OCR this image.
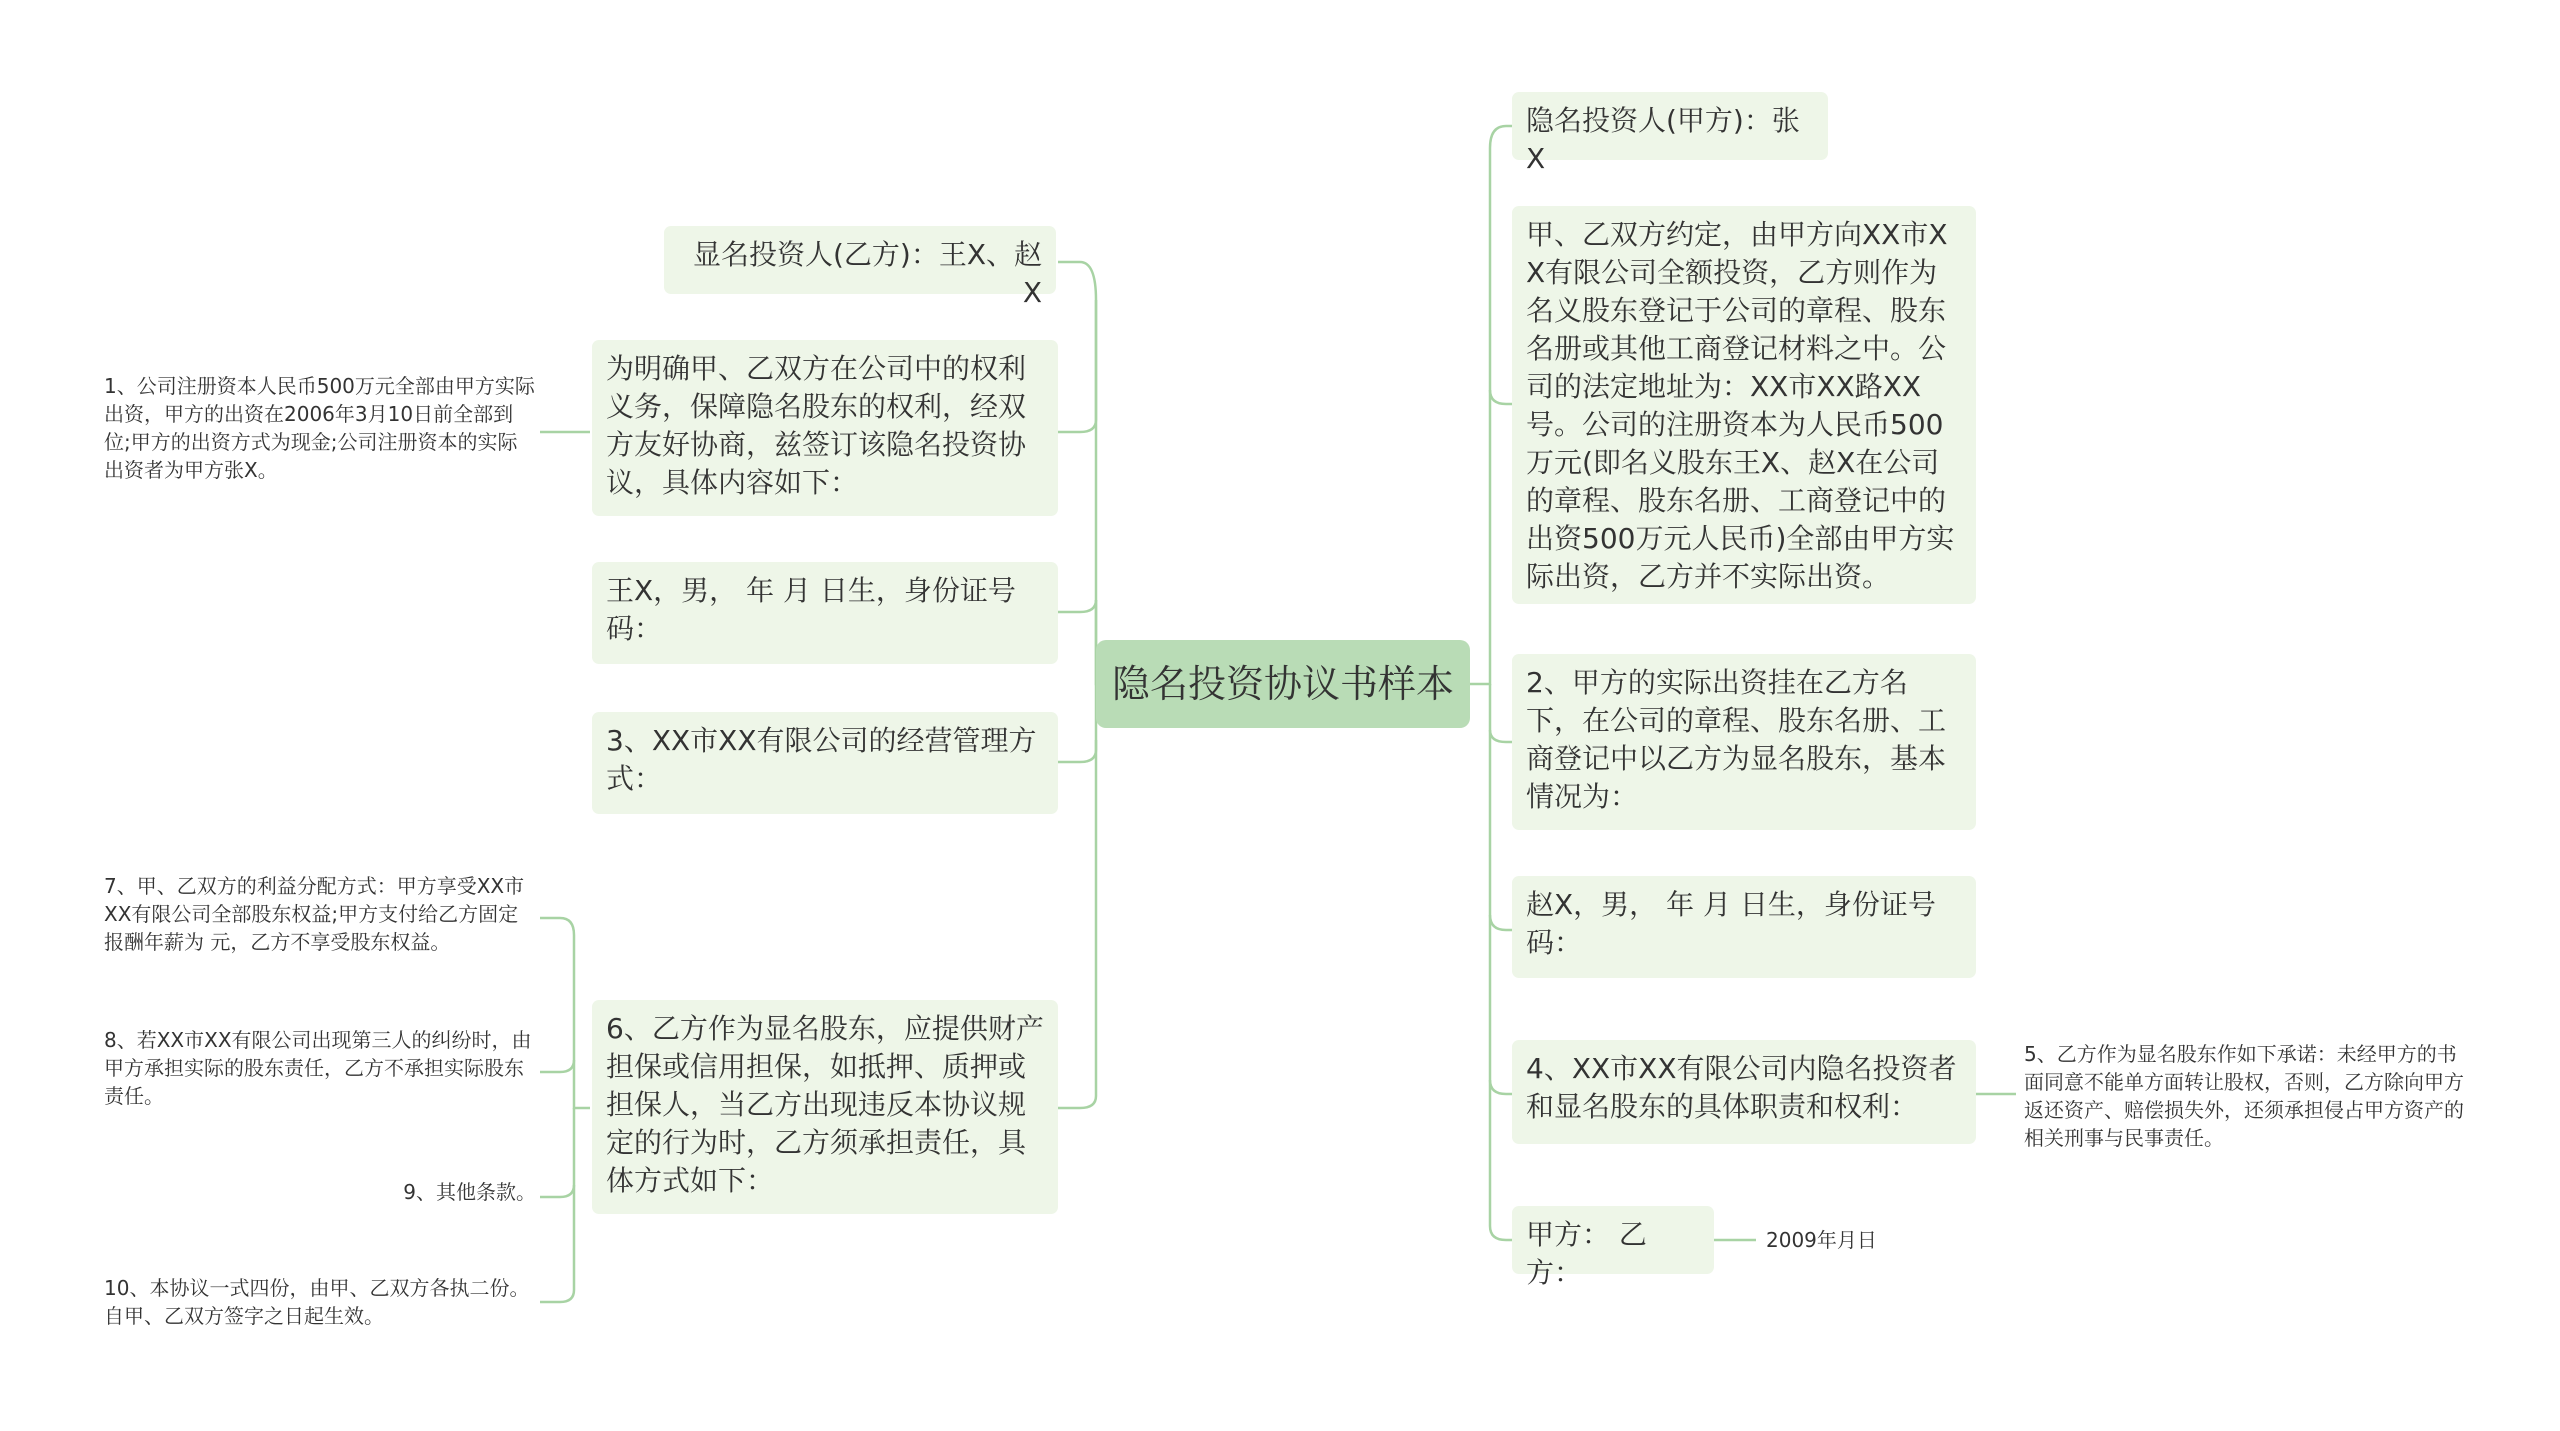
隐名投资协议书样本
显名投资人(乙方)：王X、赵X
为明确甲、乙双方在公司中的权利义务，保障隐名股东的权利，经双方友好协商，兹签订该隐名投资协议，具体内容如下：
王X，男， 年 月 日生，身份证号码：
3、XX市XX有限公司的经营管理方式：
6、乙方作为显名股东，应提供财产担保或信用担保，如抵押、质押或担保人，当乙方出现违反本协议规定的行为时，乙方须承担责任，具体方式如下：
1、公司注册资本人民币500万元全部由甲方实际出资，甲方的出资在2006年3月10日前全部到位;甲方的出资方式为现金;公司注册资本的实际出资者为甲方张X。
7、甲、乙双方的利益分配方式：甲方享受XX市XX有限公司全部股东权益;甲方支付给乙方固定报酬年薪为 元，乙方不享受股东权益。
8、若XX市XX有限公司出现第三人的纠纷时，由甲方承担实际的股东责任，乙方不承担实际股东责任。
9、其他条款。
10、本协议一式四份，由甲、乙双方各执二份。自甲、乙双方签字之日起生效。
隐名投资人(甲方)：张X
甲、乙双方约定，由甲方向XX市XX有限公司全额投资，乙方则作为名义股东登记于公司的章程、股东名册或其他工商登记材料之中。公司的法定地址为：XX市XX路XX号。公司的注册资本为人民币500万元(即名义股东王X、赵X在公司的章程、股东名册、工商登记中的出资500万元人民币)全部由甲方实际出资，乙方并不实际出资。
2、甲方的实际出资挂在乙方名下，在公司的章程、股东名册、工商登记中以乙方为显名股东，基本情况为：
赵X，男， 年 月 日生，身份证号码：
4、XX市XX有限公司内隐名投资者和显名股东的具体职责和权利：
甲方： 乙方：
5、乙方作为显名股东作如下承诺：未经甲方的书面同意不能单方面转让股权，否则，乙方除向甲方返还资产、赔偿损失外，还须承担侵占甲方资产的相关刑事与民事责任。
2009年月日
